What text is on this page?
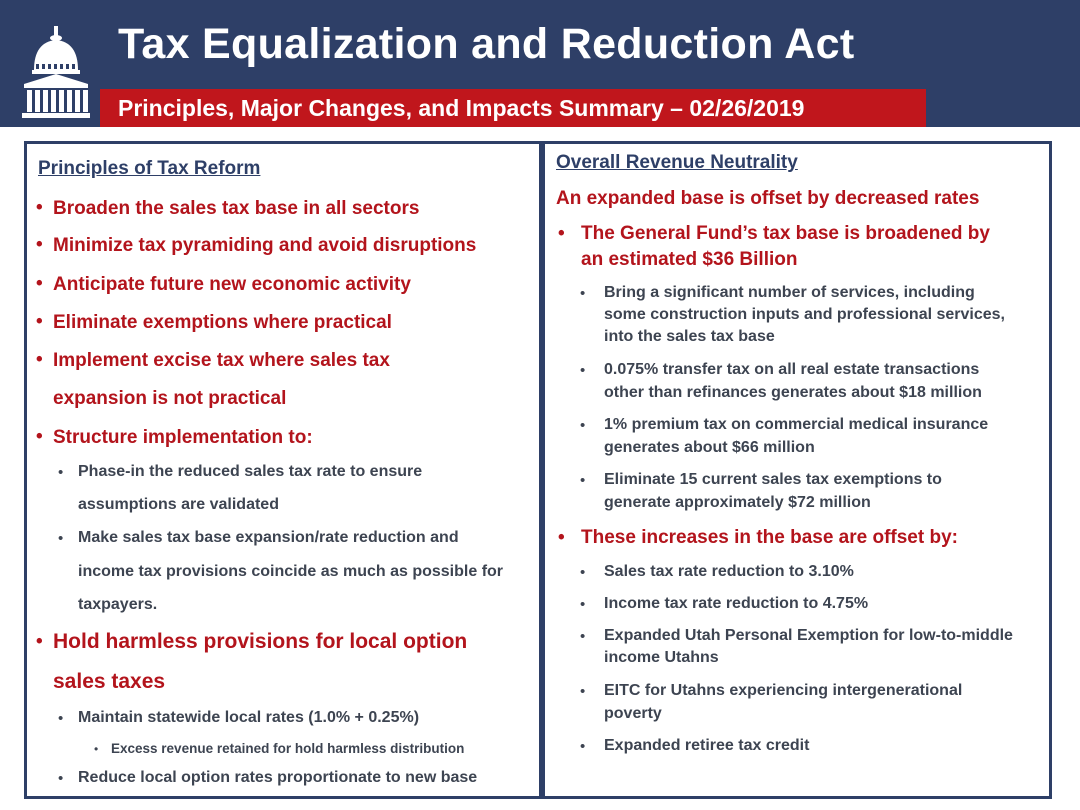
Tax Equalization and Reduction Act
Principles, Major Changes, and Impacts Summary – 02/26/2019
Principles of Tax Reform
• Broaden the sales tax base in all sectors
• Minimize tax pyramiding and avoid disruptions
• Anticipate future new economic activity
• Eliminate exemptions where practical
• Implement excise tax where sales tax
expansion is not practical
• Structure implementation to:
• Phase-in the reduced sales tax rate to ensure
assumptions are validated
• Make sales tax base expansion/rate reduction and
income tax provisions coincide as much as possible for
taxpayers.
• Hold harmless provisions for local option
sales taxes
• Maintain statewide local rates (1.0% + 0.25%)
• Excess revenue retained for hold harmless distribution
• Reduce local option rates proportionate to new base
Overall Revenue Neutrality
An expanded base is offset by decreased rates
• The General Fund’s tax base is broadened by
an estimated $36 Billion
• Bring a significant number of services, including
some construction inputs and professional services,
into the sales tax base
• 0.075% transfer tax on all real estate transactions
other than refinances generates about $18 million
• 1% premium tax on commercial medical insurance
generates about $66 million
• Eliminate 15 current sales tax exemptions to
generate approximately $72 million
• These increases in the base are offset by:
• Sales tax rate reduction to 3.10%
• Income tax rate reduction to 4.75%
• Expanded Utah Personal Exemption for low-to-middle
income Utahns
• EITC for Utahns experiencing intergenerational
poverty
• Expanded retiree tax credit
